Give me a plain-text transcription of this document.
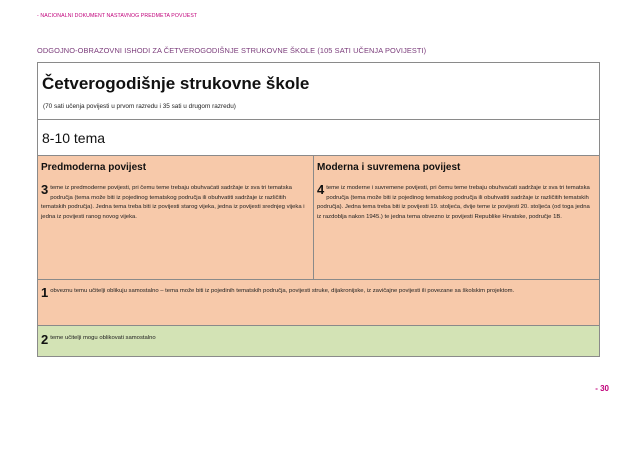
- NACIONALNI DOKUMENT NASTAVNOG PREDMETA POVIJEST
ODGOJNO-OBRAZOVNI ISHODI ZA ČETVEROGODIŠNJE STRUKOVNE ŠKOLE (105 SATI UČENJA POVIJESTI)
Četverogodišnje strukovne škole
(70 sati učenja povijesti u prvom razredu i 35 sati u drugom razredu)
8-10 tema
Predmoderna povijest
3 teme iz predmoderne povijesti, pri čemu teme trebaju obuhvaćati sadržaje iz sva tri tematska područja (tema može biti iz pojedinog tematskog područja ili obuhvatiti sadržaje iz različitih tematskih područja). Jedna tema treba biti iz povijesti starog vijeka, jedna iz povijesti srednjeg vijeka i jedna iz povijesti ranog novog vijeka.
Moderna i suvremena povijest
4 teme iz moderne i suvremene povijesti, pri čemu teme trebaju obuhvaćati sadržaje iz sva tri tematska područja (tema može biti iz pojedinog tematskog područja ili obuhvatiti sadržaje iz različitih tematskih područja). Jedna tema treba biti iz povijesti 19. stoljeća, dvije teme iz povijesti 20. stoljeća (od toga jedna iz razdoblja nakon 1945.) te jedna tema obvezno iz povijesti Republike Hrvatske, područje 1B.
1 obveznu temu učitelji oblikuju samostalno – tema može biti iz pojedinih tematskih područja, povijesti struke, dijakronijske, iz zavičajne povijesti ili povezane sa školskim projektom.
2 teme učitelji mogu oblikovati samostalno
- 30
